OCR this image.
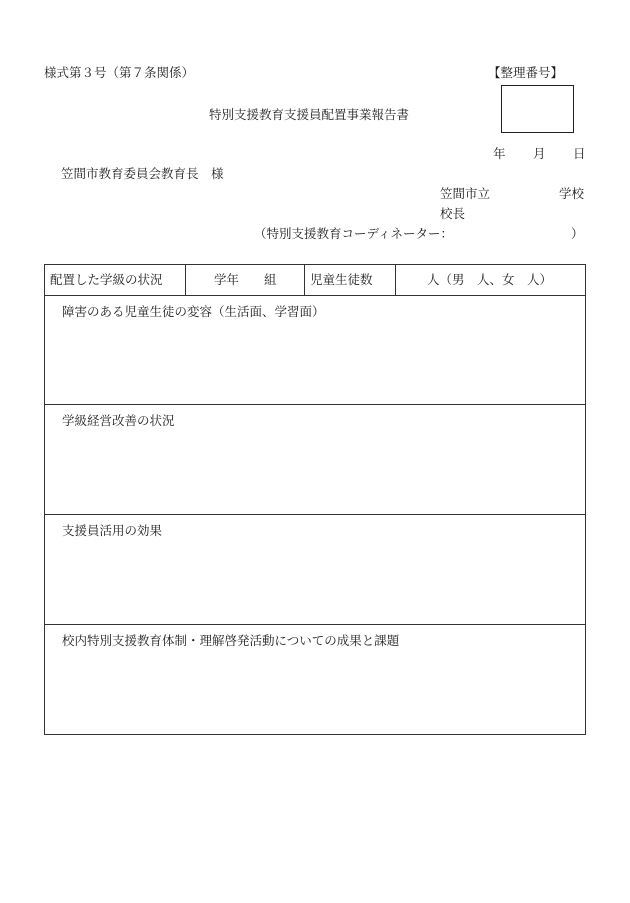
様式第３号（第７条関係）	【整理番号】
特別支援教育支援員配置事業報告書
年 月 日
笠間市教育委員会教育長　様
笠間市立	学校
校長
（特別支援教育コーディネーター：	）
配置した学級の状況	学年 組	児童生徒数	人（男　人、女　人）
障害のある児童生徒の変容（生活面、学習面）
学級経営改善の状況
支援員活用の効果
校内特別支援教育体制・理解啓発活動についての成果と課題
